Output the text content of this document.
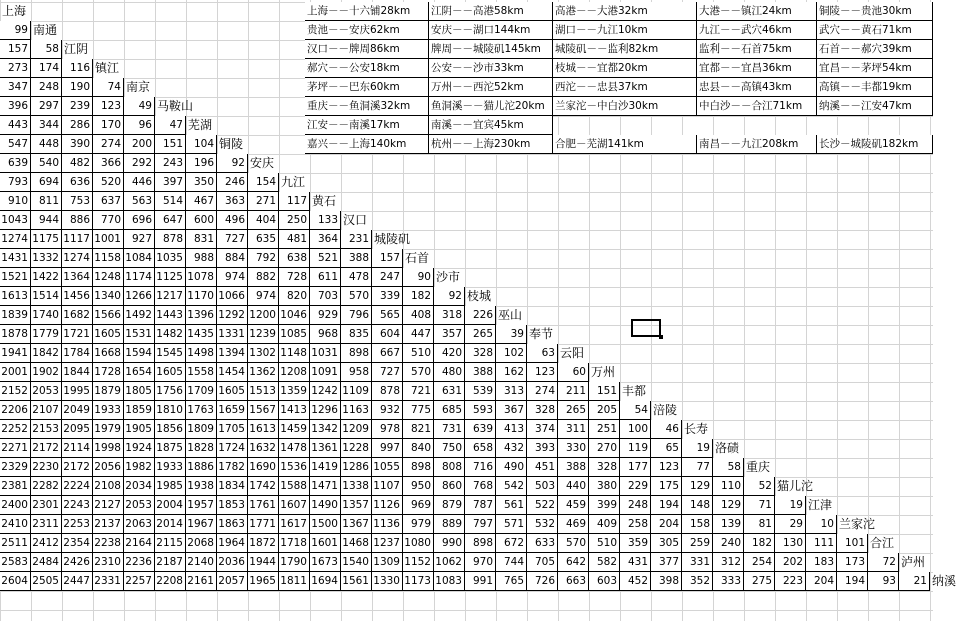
上海
99 南通
157	58 江阴
273	174	116 镇江
347	248	190	74 南京
396	297	239	123	49 马鞍山
443	344	286	170	96	47 芜湖
547	448	390	274	200	151	104 铜陵
639	540	482	366	292	243	196	92 安庆
793	694	636	520	446	397	350	246	154 九江
910	811	753	637	563	514	467	363	271	117 黄石
1043	944	886	770	696	647	600	496	404	250	133 汉口
1274 1175 1117 1001	927	878	831	727	635	481	364	231 城陵矶
1431 1332 1274 1158 1084 1035	988	884	792	638	521	388	157 石首
1521 1422 1364 1248 1174 1125 1078	974	882	728	611	478	247	90 沙市
1613 1514 1456 1340 1266 1217 1170 1066	974	820	703	570	339	182	92 枝城
1839 1740 1682 1566 1492 1443 1396 1292 1200 1046	929	796	565	408	318	226 巫山
1878 1779 1721 1605 1531 1482 1435 1331 1239 1085	968	835	604	447	357	265	39 奉节
1941 1842 1784 1668 1594 1545 1498 1394 1302 1148 1031	898	667	510	420	328	102	63 云阳
2001 1902 1844 1728 1654 1605 1558 1454 1362 1208 1091	958	727	570	480	388	162	123	60 万州
2152 2053 1995 1879 1805 1756 1709 1605 1513 1359 1242 1109	878	721	631	539	313	274	211	151 丰都
2206 2107 2049 1933 1859 1810 1763 1659 1567 1413 1296 1163	932	775	685	593	367	328	265	205	54 涪陵
2252 2153 2095 1979 1905 1856 1809 1705 1613 1459 1342 1209	978	821	731	639	413	374	311	251	100	46 长寿
2271 2172 2114 1998 1924 1875 1828 1724 1632 1478 1361 1228	997	840	750	658	432	393	330	270	119	65	19 洛碛
2329 2230 2172 2056 1982 1933 1886 1782 1690 1536 1419 1286 1055	898	808	716	490	451	388	328	177	123	77	58 重庆
2381 2282 2224 2108 2034 1985 1938 1834 1742 1588 1471 1338 1107	950	860	768	542	503	440	380	229	175	129	110	52 猫儿沱
2400 2301 2243 2127 2053 2004 1957 1853 1761 1607 1490 1357 1126	969	879	787	561	522	459	399	248	194	148	129	71	19 江津
2410 2311 2253 2137 2063 2014 1967 1863 1771 1617 1500 1367 1136	979	889	797	571	532	469	409	258	204	158	139	81	29	10 兰家沱
2511 2412 2354 2238 2164 2115 2068 1964 1872 1718 1601 1468 1237 1080	990	898	672	633	570	510	359	305	259	240	182	130	111	101 合江
2583 2484 2426 2310 2236 2187 2140 2036 1944 1790 1673 1540 1309 1152 1062	970	744	705	642	582	431	377	331	312	254	202	183	173	72 泸州
2604 2505 2447 2331 2257 2208 2161 2057 1965 1811 1694 1561 1330 1173 1083	991	765	726	663	603	452	398	352	333	275	223	204	194	93	21 纳溪
上海－－十六铺28km	江阴－－高港58km	高港－－大港32km	大港－－镇江24km	铜陵－－贵池30km
贵池－－安庆62km	安庆－－湖口144km	湖口－－九江10km	九江－－武穴46km	武穴－－黄石71km
汉口－－牌周86km	牌周－－城陵矶145km	城陵矶－－监利82km	监利－－石首75km	石首－－郝穴39km
郝穴－－公安18km	公安－－沙市33km	枝城－－宜都20km	宜都－－宜昌36km	宜昌－－茅坪54km
茅坪－－巴东60km	万州－－西沱52km	西沱－－忠县37km	忠县－－高镇43km	高镇－－丰都19km
重庆－－鱼洞溪32km	鱼洞溪－－猫儿沱20km 兰家沱－中白沙30km	中白沙－－合江71km	纳溪－－江安47km
江安－－南溪17km	南溪－－宜宾45km
嘉兴－－上海140km	杭州－－上海230km	合肥－芜湖141km	南昌－－九江208km	长沙－城陵矶182km
